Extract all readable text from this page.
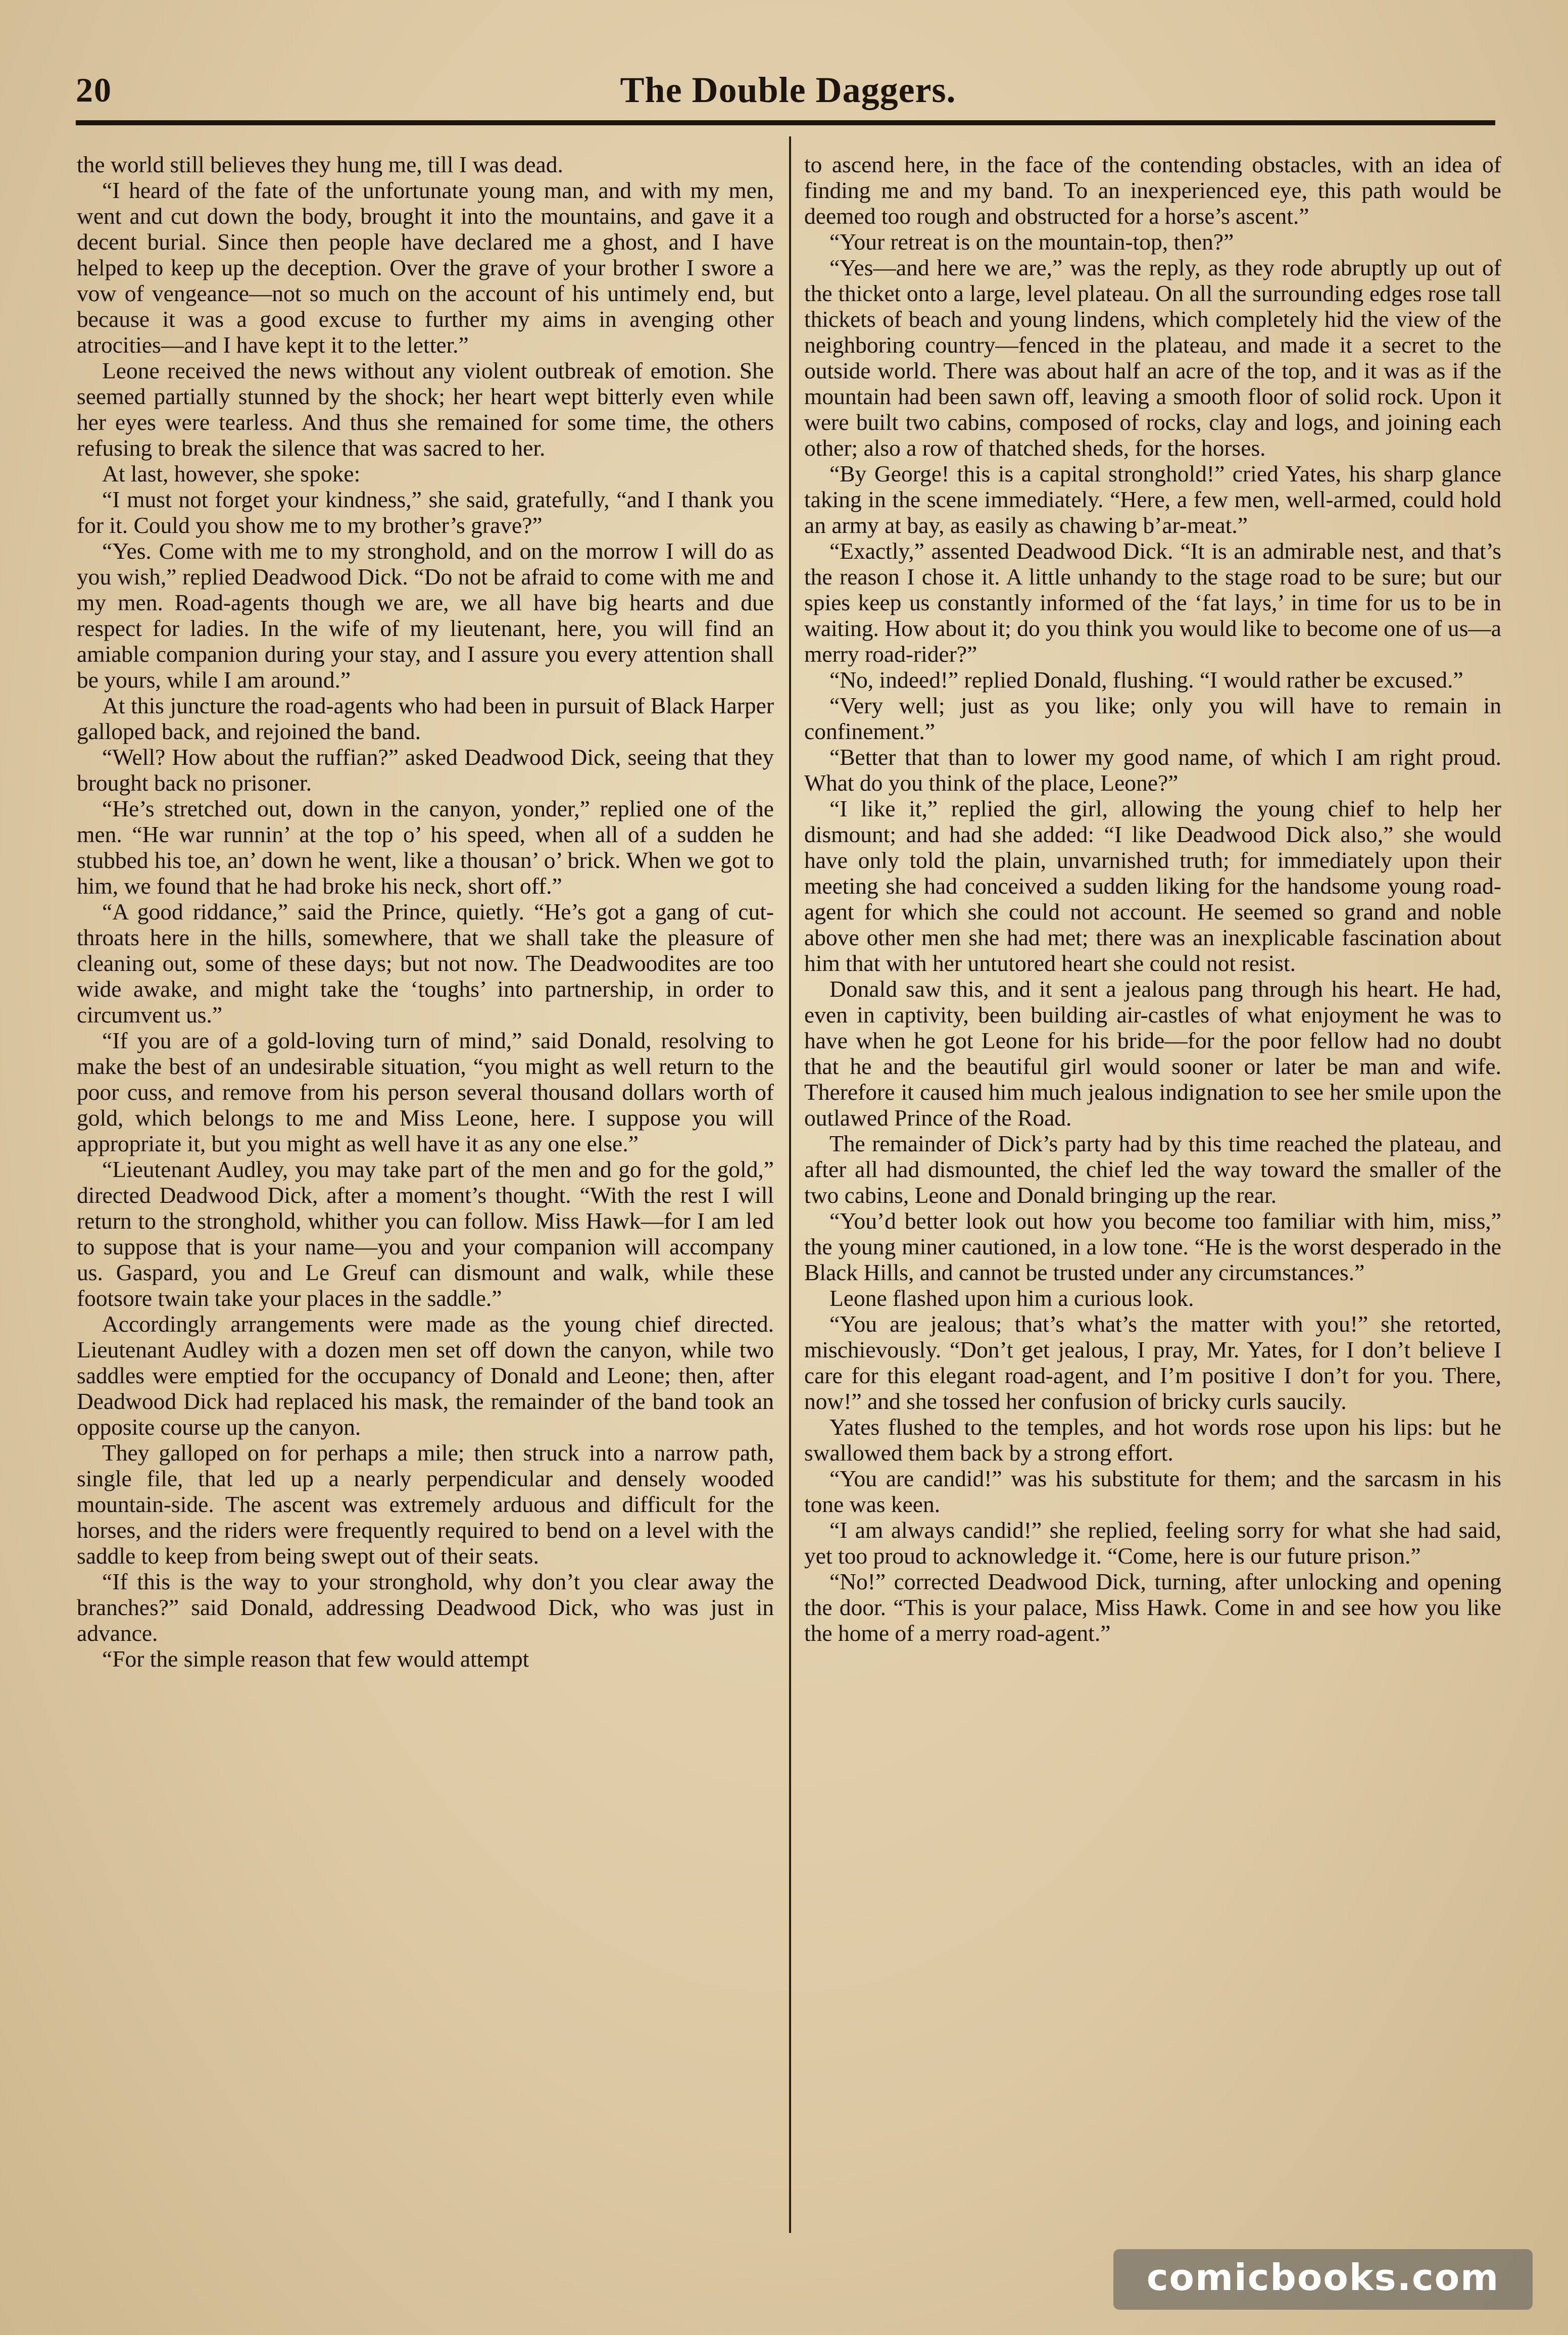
20	The Double Daggers.

the world still believes they hung me, till I was dead.

“I heard of the fate of the unfortunate young man, and with my men, went and cut down the body, brought it into the mountains, and gave it a decent burial. Since then people have declared me a ghost, and I have helped to keep up the deception. Over the grave of your brother I swore a vow of vengeance—not so much on the account of his untimely end, but because it was a good excuse to further my aims in avenging other atrocities—and I have kept it to the letter.”

Leone received the news without any violent outbreak of emotion. She seemed partially stunned by the shock; her heart wept bitterly even while her eyes were tearless. And thus she remained for some time, the others refusing to break the silence that was sacred to her.

At last, however, she spoke:

“I must not forget your kindness,” she said, gratefully, “and I thank you for it. Could you show me to my brother’s grave?”

“Yes. Come with me to my stronghold, and on the morrow I will do as you wish,” replied Deadwood Dick. “Do not be afraid to come with me and my men. Road-agents though we are, we all have big hearts and due respect for ladies. In the wife of my lieutenant, here, you will find an amiable companion during your stay, and I assure you every attention shall be yours, while I am around.”

At this juncture the road-agents who had been in pursuit of Black Harper galloped back, and rejoined the band.

“Well? How about the ruffian?” asked Deadwood Dick, seeing that they brought back no prisoner.

“He’s stretched out, down in the canyon, yonder,” replied one of the men. “He war runnin’ at the top o’ his speed, when all of a sudden he stubbed his toe, an’ down he went, like a thousan’ o’ brick. When we got to him, we found that he had broke his neck, short off.”

“A good riddance,” said the Prince, quietly. “He’s got a gang of cut-throats here in the hills, somewhere, that we shall take the pleasure of cleaning out, some of these days; but not now. The Deadwoodites are too wide awake, and might take the ‘toughs’ into partnership, in order to circumvent us.”

“If you are of a gold-loving turn of mind,” said Donald, resolving to make the best of an undesirable situation, “you might as well return to the poor cuss, and remove from his person several thousand dollars worth of gold, which belongs to me and Miss Leone, here. I suppose you will appropriate it, but you might as well have it as any one else.”

“Lieutenant Audley, you may take part of the men and go for the gold,” directed Deadwood Dick, after a moment’s thought. “With the rest I will return to the stronghold, whither you can follow. Miss Hawk—for I am led to suppose that is your name—you and your companion will accompany us. Gaspard, you and Le Greuf can dismount and walk, while these footsore twain take your places in the saddle.”

Accordingly arrangements were made as the young chief directed. Lieutenant Audley with a dozen men set off down the canyon, while two saddles were emptied for the occupancy of Donald and Leone; then, after Deadwood Dick had replaced his mask, the remainder of the band took an opposite course up the canyon.

They galloped on for perhaps a mile; then struck into a narrow path, single file, that led up a nearly perpendicular and densely wooded mountain-side. The ascent was extremely arduous and difficult for the horses, and the riders were frequently required to bend on a level with the saddle to keep from being swept out of their seats.

“If this is the way to your stronghold, why don’t you clear away the branches?” said Donald, addressing Deadwood Dick, who was just in advance.

“For the simple reason that few would attempt

to ascend here, in the face of the contending obstacles, with an idea of finding me and my band. To an inexperienced eye, this path would be deemed too rough and obstructed for a horse’s ascent.”

“Your retreat is on the mountain-top, then?”

“Yes—and here we are,” was the reply, as they rode abruptly up out of the thicket onto a large, level plateau. On all the surrounding edges rose tall thickets of beach and young lindens, which completely hid the view of the neighboring country—fenced in the plateau, and made it a secret to the outside world. There was about half an acre of the top, and it was as if the mountain had been sawn off, leaving a smooth floor of solid rock. Upon it were built two cabins, composed of rocks, clay and logs, and joining each other; also a row of thatched sheds, for the horses.

“By George! this is a capital stronghold!” cried Yates, his sharp glance taking in the scene immediately. “Here, a few men, well-armed, could hold an army at bay, as easily as chawing b’ar-meat.”

“Exactly,” assented Deadwood Dick. “It is an admirable nest, and that’s the reason I chose it. A little unhandy to the stage road to be sure; but our spies keep us constantly informed of the ‘fat lays,’ in time for us to be in waiting. How about it; do you think you would like to become one of us—a merry road-rider?”

“No, indeed!” replied Donald, flushing. “I would rather be excused.”

“Very well; just as you like; only you will have to remain in confinement.”

“Better that than to lower my good name, of which I am right proud. What do you think of the place, Leone?”

“I like it,” replied the girl, allowing the young chief to help her dismount; and had she added: “I like Deadwood Dick also,” she would have only told the plain, unvarnished truth; for immediately upon their meeting she had conceived a sudden liking for the handsome young road-agent for which she could not account. He seemed so grand and noble above other men she had met; there was an inexplicable fascination about him that with her untutored heart she could not resist.

Donald saw this, and it sent a jealous pang through his heart. He had, even in captivity, been building air-castles of what enjoyment he was to have when he got Leone for his bride—for the poor fellow had no doubt that he and the beautiful girl would sooner or later be man and wife. Therefore it caused him much jealous indignation to see her smile upon the outlawed Prince of the Road.

The remainder of Dick’s party had by this time reached the plateau, and after all had dismounted, the chief led the way toward the smaller of the two cabins, Leone and Donald bringing up the rear.

“You’d better look out how you become too familiar with him, miss,” the young miner cautioned, in a low tone. “He is the worst desperado in the Black Hills, and cannot be trusted under any circumstances.”

Leone flashed upon him a curious look.

“You are jealous; that’s what’s the matter with you!” she retorted, mischievously. “Don’t get jealous, I pray, Mr. Yates, for I don’t believe I care for this elegant road-agent, and I’m positive I don’t for you. There, now!” and she tossed her confusion of bricky curls saucily.

Yates flushed to the temples, and hot words rose upon his lips: but he swallowed them back by a strong effort.

“You are candid!” was his substitute for them; and the sarcasm in his tone was keen.

“I am always candid!” she replied, feeling sorry for what she had said, yet too proud to acknowledge it. “Come, here is our future prison.”

“No!” corrected Deadwood Dick, turning, after unlocking and opening the door. “This is your palace, Miss Hawk. Come in and see how you like the home of a merry road-agent.”

comicbooks.com
